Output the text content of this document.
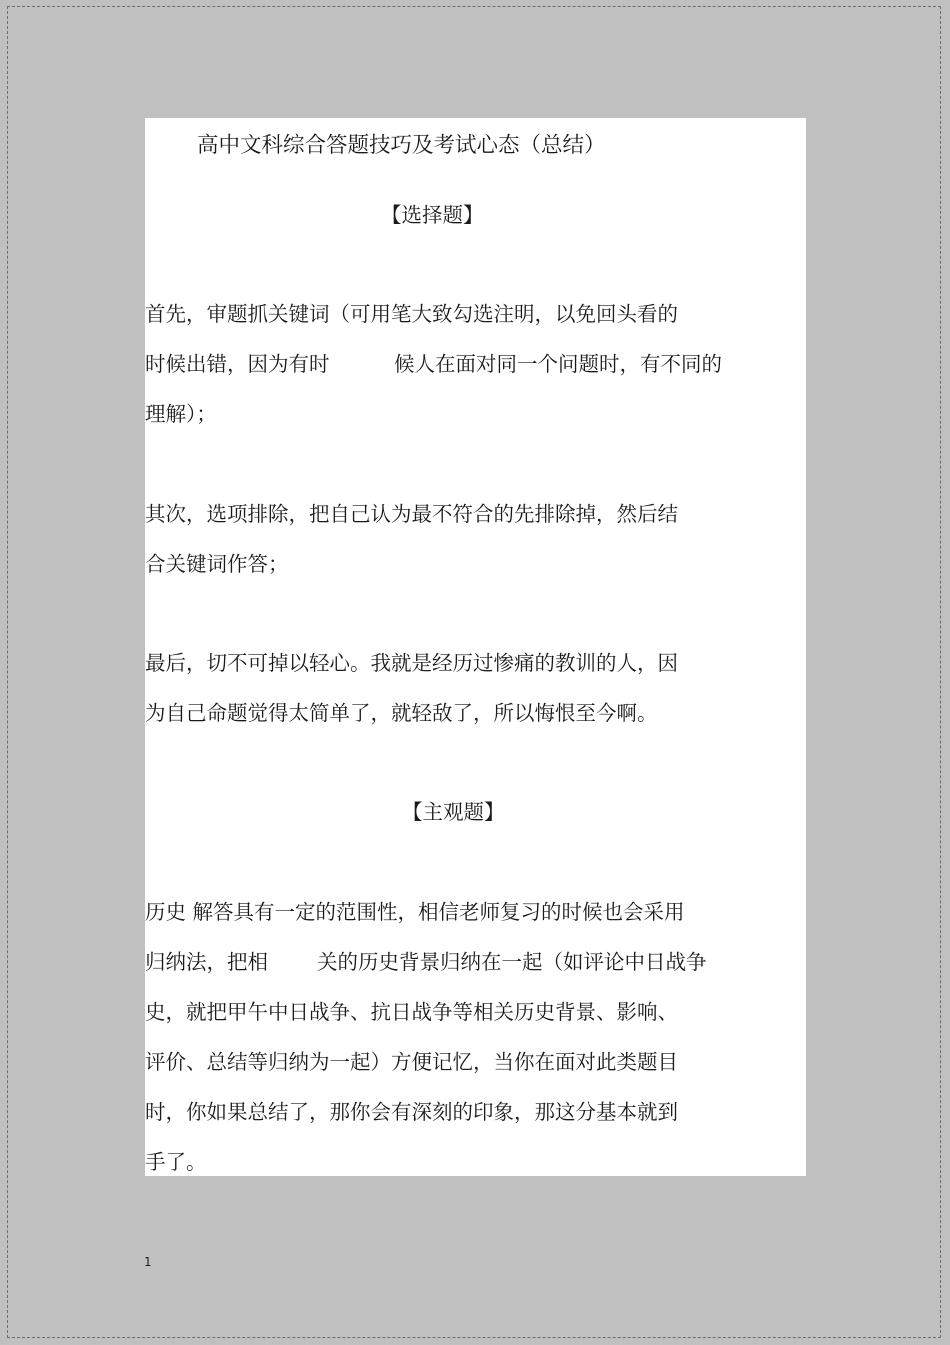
高中文科综合答题技巧及考试心态（总结）

【选择题】

首先，审题抓关键词（可用笔大致勾选注明，以免回头看的

时候出错，因为有时	候人在面对同一个问题时，有不同的

理解）；

其次，选项排除，把自己认为最不符合的先排除掉，然后结

合关键词作答；

最后，切不可掉以轻心。我就是经历过惨痛的教训的人，因

为自己命题觉得太简单了，就轻敌了，所以悔恨至今啊。

【主观题】

历史 解答具有一定的范围性，相信老师复习的时候也会采用

归纳法，把相 关的历史背景归纳在一起（如评论中日战争

史，就把甲午中日战争、抗日战争等相关历史背景、影响、

评价、总结等归纳为一起）方便记忆，当你在面对此类题目

时，你如果总结了，那你会有深刻的印象，那这分基本就到

手了。

1
